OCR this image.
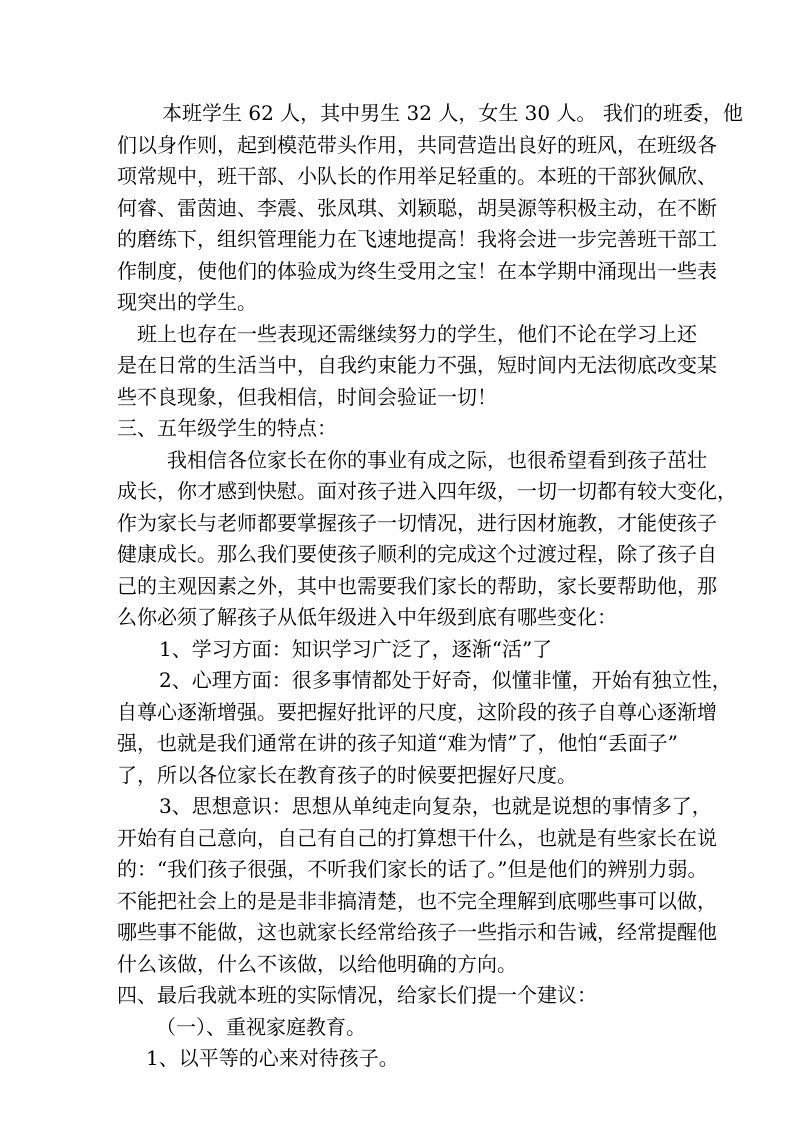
本班学生 62 人，其中男生 32 人，女生 30 人。 我们的班委，他
们以身作则，起到模范带头作用，共同营造出良好的班风，在班级各
项常规中，班干部、小队长的作用举足轻重的。本班的干部狄佩欣、
何睿、雷茵迪、李震、张凤琪、刘颖聪，胡昊源等积极主动，在不断
的磨练下，组织管理能力在飞速地提高！我将会进一步完善班干部工
作制度，使他们的体验成为终生受用之宝！在本学期中涌现出一些表
现突出的学生。
班上也存在一些表现还需继续努力的学生，他们不论在学习上还
是在日常的生活当中，自我约束能力不强，短时间内无法彻底改变某
些不良现象，但我相信，时间会验证一切！
三、五年级学生的特点：
我相信各位家长在你的事业有成之际，也很希望看到孩子茁壮
成长，你才感到快慰。面对孩子进入四年级，一切一切都有较大变化，
作为家长与老师都要掌握孩子一切情况，进行因材施教，才能使孩子
健康成长。那么我们要使孩子顺利的完成这个过渡过程，除了孩子自
己的主观因素之外，其中也需要我们家长的帮助，家长要帮助他，那
么你必须了解孩子从低年级进入中年级到底有哪些变化：
1、学习方面：知识学习广泛了，逐渐“活”了
2、心理方面：很多事情都处于好奇，似懂非懂，开始有独立性，
自尊心逐渐增强。要把握好批评的尺度，这阶段的孩子自尊心逐渐增
强，也就是我们通常在讲的孩子知道“难为情”了，他怕“丢面子”
了，所以各位家长在教育孩子的时候要把握好尺度。
3、思想意识：思想从单纯走向复杂，也就是说想的事情多了，
开始有自己意向，自己有自己的打算想干什么，也就是有些家长在说
的：“我们孩子很强，不听我们家长的话了。”但是他们的辨别力弱。
不能把社会上的是是非非搞清楚，也不完全理解到底哪些事可以做，
哪些事不能做，这也就家长经常给孩子一些指示和告诫，经常提醒他
什么该做，什么不该做，以给他明确的方向。
四、最后我就本班的实际情况，给家长们提一个建议：
（一）、重视家庭教育。
1、以平等的心来对待孩子。
